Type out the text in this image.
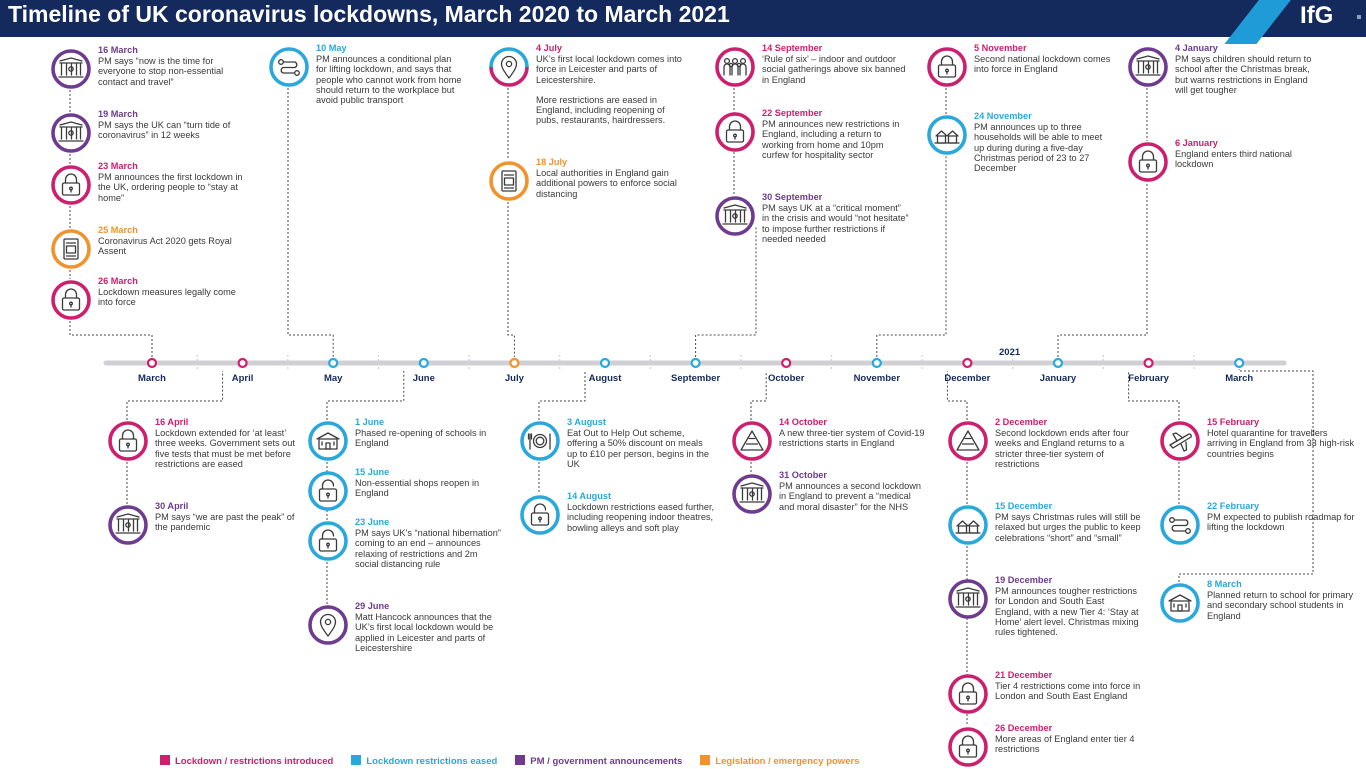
Timeline of UK coronavirus lockdowns, March 2020 to March 2021	IfG
16 March
PM says “now is the time for everyone to stop non-essential contact and travel”
19 March
PM says the UK can “turn tide of coronavirus” in 12 weeks
23 March
PM announces the first lockdown in the UK, ordering people to “stay at home”
25 March
Coronavirus Act 2020 gets Royal Assent
26 March
Lockdown measures legally come into force
10 May
PM announces a conditional plan for lifting lockdown, and says that people who cannot work from home should return to the workplace but avoid public transport
4 July
UK’s first local lockdown comes into force in Leicester and parts of Leicestershire.
More restrictions are eased in England, including reopening of pubs, restaurants, hairdressers.
18 July
Local authorities in England gain additional powers to enforce social distancing
14 September
‘Rule of six’ – indoor and outdoor social gatherings above six banned in England
22 September
PM announces new restrictions in England, including a return to working from home and 10pm curfew for hospitality sector
30 September
PM says UK at a “critical moment” in the crisis and would “not hesitate” to impose further restrictions if needed needed
5 November
Second national lockdown comes into force in England
24 November
PM announces up to three households will be able to meet up during during a five-day Christmas period of 23 to 27 December
4 January
PM says children should return to school after the Christmas break, but warns restrictions in England will get tougher
6 January
England enters third national lockdown
16 April
Lockdown extended for ‘at least’ three weeks. Government sets out five tests that must be met before restrictions are eased
30 April
PM says “we are past the peak” of the pandemic
1 June
Phased re-opening of schools in England
15 June
Non-essential shops reopen in England
23 June
PM says UK’s “national hibernation” coming to an end – announces relaxing of restrictions and 2m social distancing rule
29 June
Matt Hancock announces that the UK’s first local lockdown would be applied in Leicester and parts of Leicestershire
3 August
Eat Out to Help Out scheme, offering a 50% discount on meals up to £10 per person, begins in the UK
14 August
Lockdown restrictions eased further, including reopening indoor theatres, bowling alleys and soft play
14 October
A new three-tier system of Covid-19 restrictions starts in England
31 October
PM announces a second lockdown in England to prevent a “medical and moral disaster” for the NHS
2 December
Second lockdown ends after four weeks and England returns to a stricter three-tier system of restrictions
15 December
PM says Christmas rules will still be relaxed but urges the public to keep celebrations “short” and “small”
19 December
PM announces tougher restrictions for London and South East England, with a new Tier 4: ‘Stay at Home’ alert level. Christmas mixing rules tightened.
21 December
Tier 4 restrictions come into force in London and South East England
26 December
More areas of England enter tier 4 restrictions
15 February
Hotel quarantine for travellers arriving in England from 33 high-risk countries begins
22 February
PM expected to publish roadmap for lifting the lockdown
8 March
Planned return to school for primary and secondary school students in England
Lockdown / restrictions introduced	Lockdown restrictions eased	PM / government announcements	Legislation / emergency powers
March	April	May	June	July	August	September	October	November	December	January	February	March
2021
